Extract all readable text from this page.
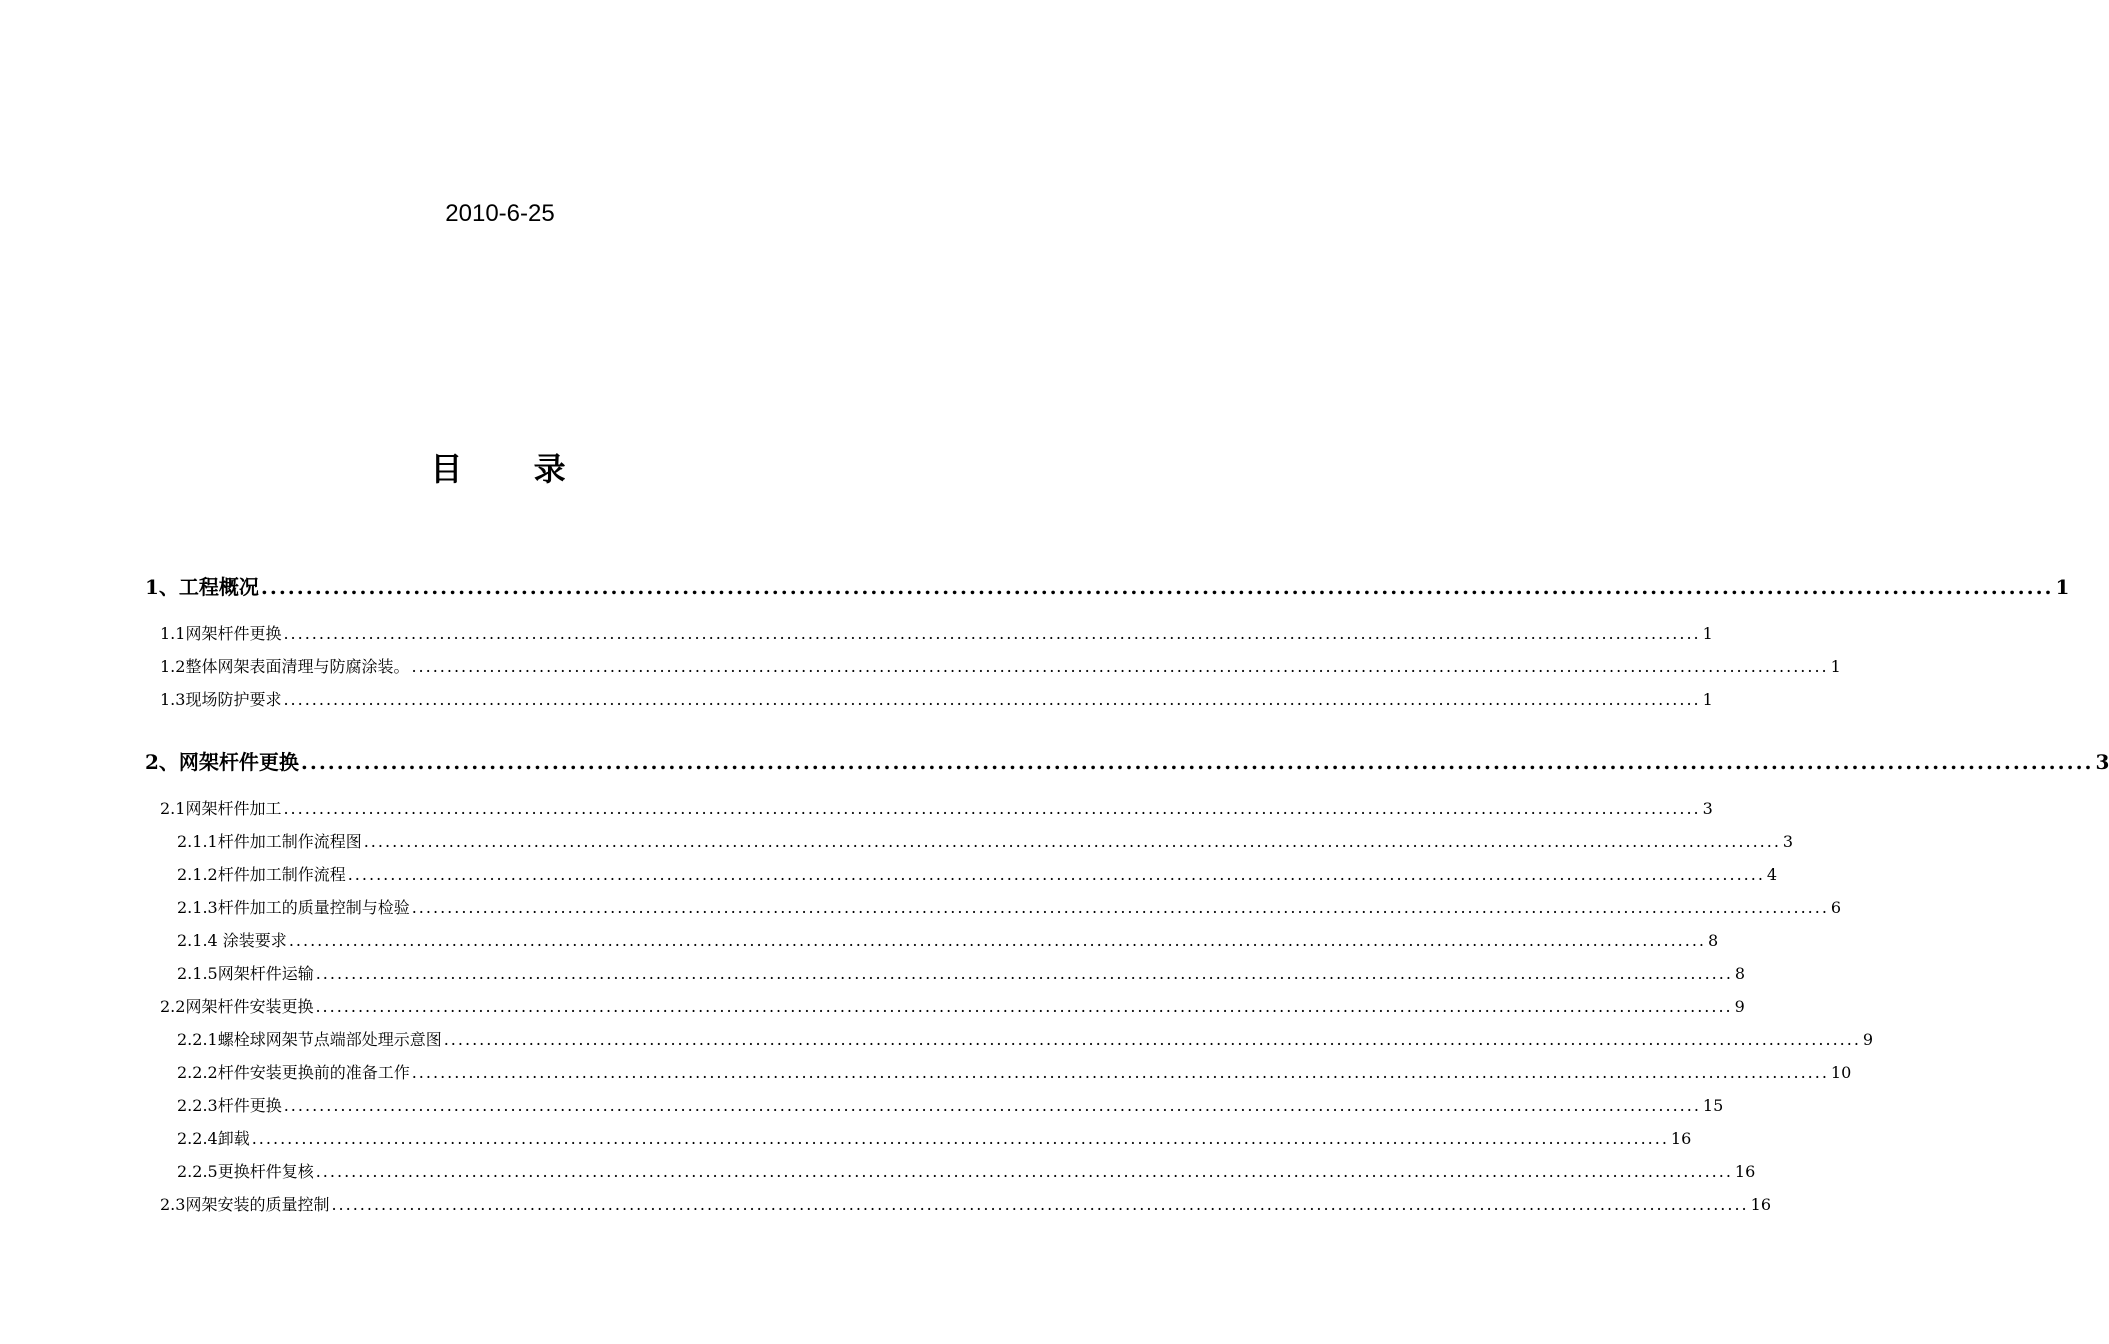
2010-6-25
目 录
1、工程概况 ........................................................................................................................................................................................................ 1
1.1网架杆件更换 ........................................................................................................................................................................................................ 1
1.2整体网架表面清理与防腐涂装。 ........................................................................................................................................................................................................ 1
1.3现场防护要求 ........................................................................................................................................................................................................ 1
2、网架杆件更换 ........................................................................................................................................................................................................ 3
2.1网架杆件加工 ........................................................................................................................................................................................................ 3
2.1.1杆件加工制作流程图 ........................................................................................................................................................................................................ 3
2.1.2杆件加工制作流程 ........................................................................................................................................................................................................ 4
2.1.3杆件加工的质量控制与检验 ........................................................................................................................................................................................................ 6
2.1.4 涂装要求 ........................................................................................................................................................................................................ 8
2.1.5网架杆件运输 ........................................................................................................................................................................................................ 8
2.2网架杆件安装更换 ........................................................................................................................................................................................................ 9
2.2.1螺栓球网架节点端部处理示意图 ........................................................................................................................................................................................................ 9
2.2.2杆件安装更换前的准备工作 ........................................................................................................................................................................................................ 10
2.2.3杆件更换 ........................................................................................................................................................................................................ 15
2.2.4卸载 ........................................................................................................................................................................................................ 16
2.2.5更换杆件复核 ........................................................................................................................................................................................................ 16
2.3网架安装的质量控制 ........................................................................................................................................................................................................ 16
